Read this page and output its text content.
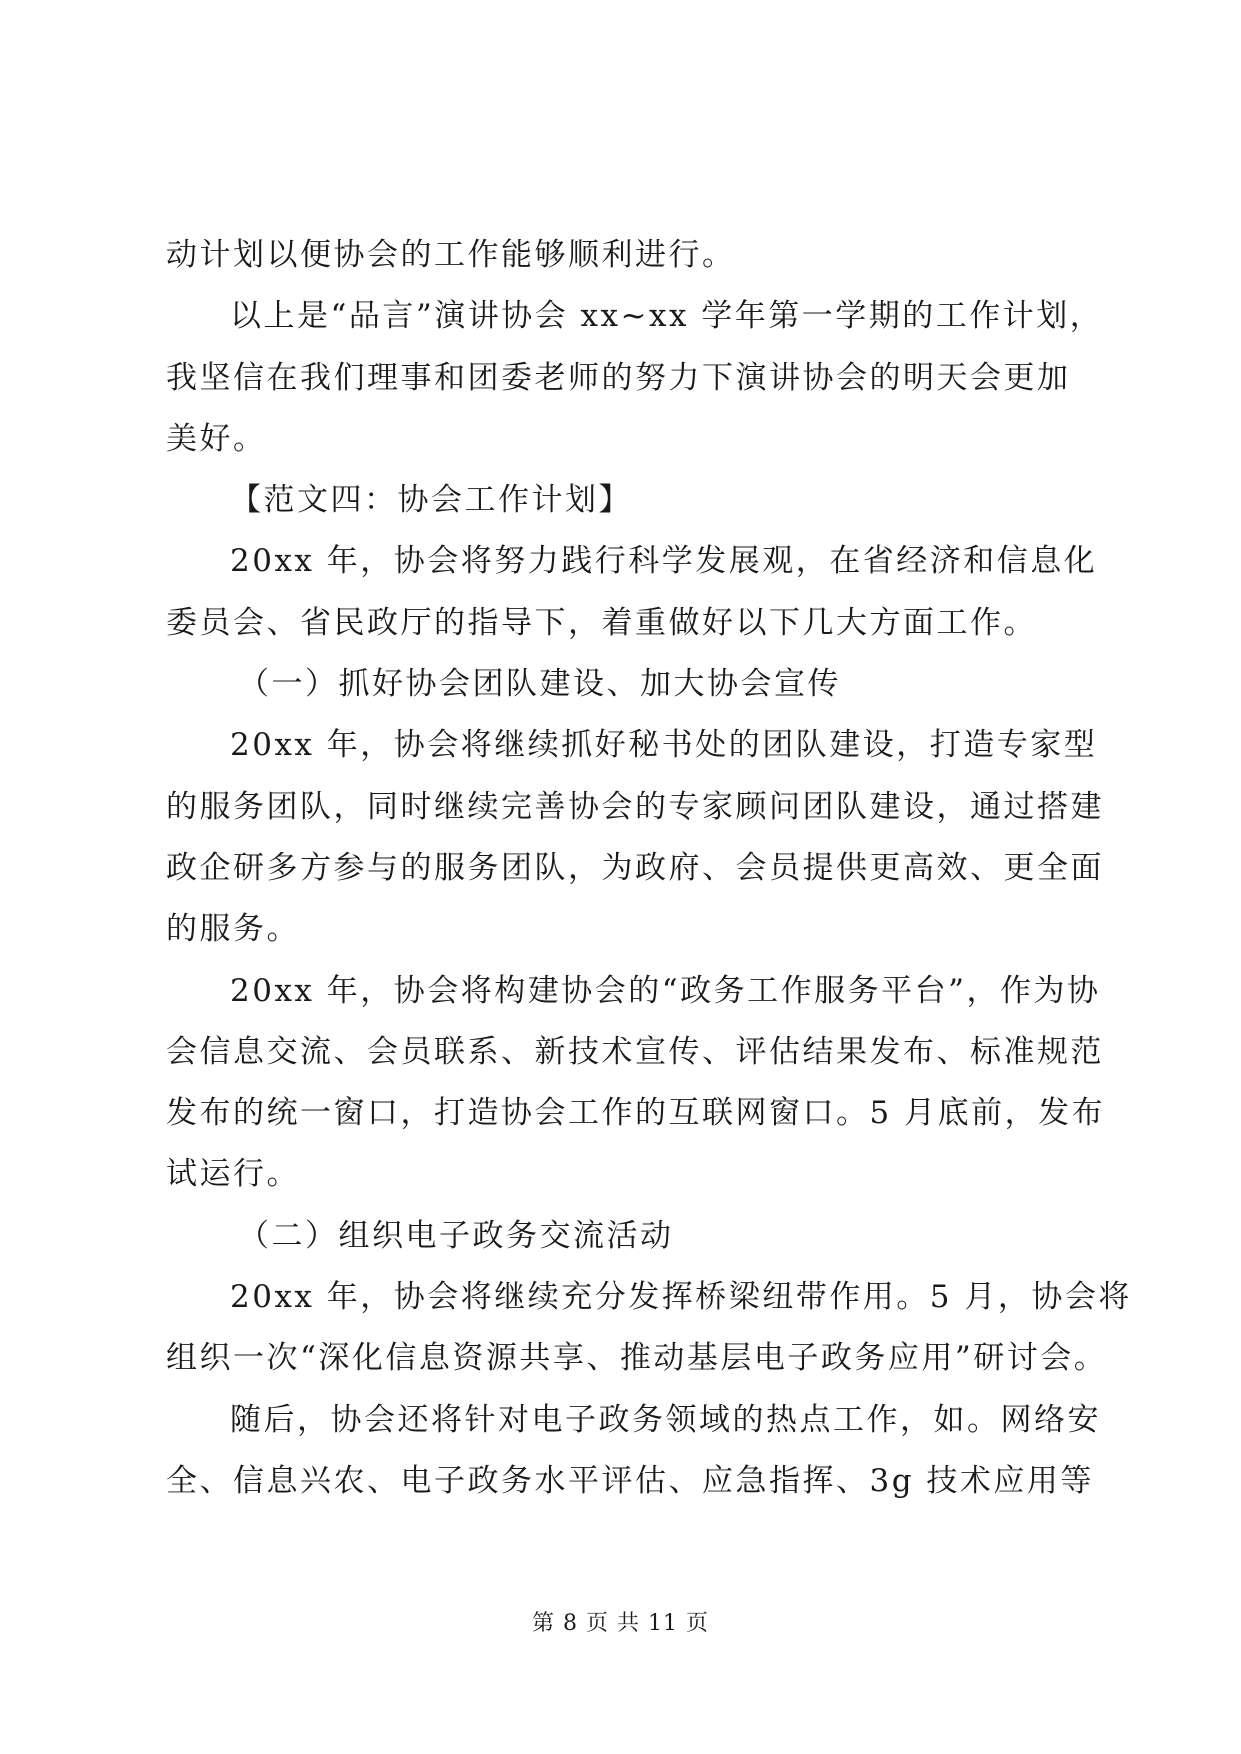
动计划以便协会的工作能够顺利进行。
以上是“品言”演讲协会 xx~xx 学年第一学期的工作计划，
我坚信在我们理事和团委老师的努力下演讲协会的明天会更加
美好。
【范文四：协会工作计划】
20xx 年，协会将努力践行科学发展观，在省经济和信息化
委员会、省民政厅的指导下，着重做好以下几大方面工作。
（一）抓好协会团队建设、加大协会宣传
20xx 年，协会将继续抓好秘书处的团队建设，打造专家型
的服务团队，同时继续完善协会的专家顾问团队建设，通过搭建
政企研多方参与的服务团队，为政府、会员提供更高效、更全面
的服务。
20xx 年，协会将构建协会的“政务工作服务平台”，作为协
会信息交流、会员联系、新技术宣传、评估结果发布、标准规范
发布的统一窗口，打造协会工作的互联网窗口。5 月底前，发布
试运行。
（二）组织电子政务交流活动
20xx 年，协会将继续充分发挥桥梁纽带作用。5 月，协会将
组织一次“深化信息资源共享、推动基层电子政务应用”研讨会。
随后，协会还将针对电子政务领域的热点工作，如。网络安
全、信息兴农、电子政务水平评估、应急指挥、3g 技术应用等
第 8 页 共 11 页
